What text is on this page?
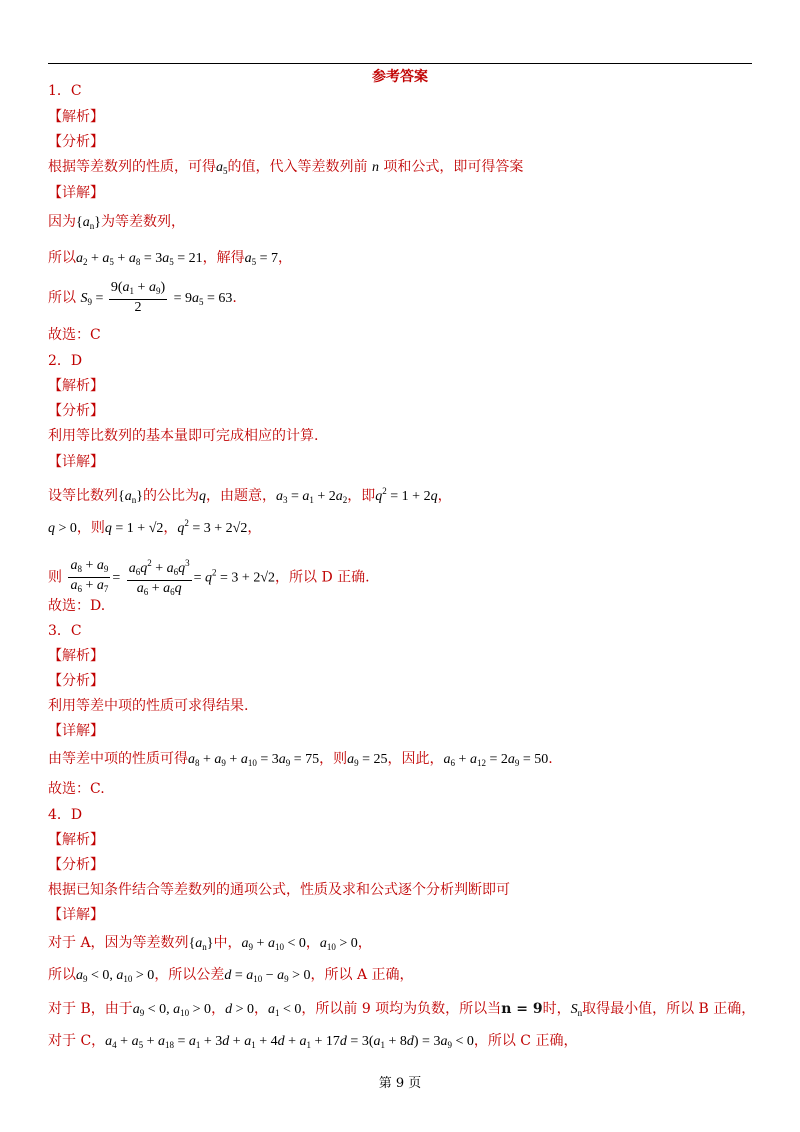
参考答案
1．C
【解析】
【分析】
根据等差数列的性质，可得$a_5$的值，代入等差数列前 n 项和公式，即可得答案
【详解】
因为$\{a_n\}$为等差数列，
所以$a_2 + a_5 + a_8 = 3a_5 = 21$，解得$a_5 = 7$，
所以 $S_9 = \frac{9(a_1 + a_9)}{2} = 9a_5 = 63$.
故选：C
2．D
【解析】
【分析】
利用等比数列的基本量即可完成相应的计算.
【详解】
设等比数列$\{a_n\}$的公比为q，由题意，$a_3 = a_1 + 2a_2$，即$q^2 = 1 + 2q$，
q > 0，则q = 1 + √2，$q^2 = 3 + 2√2$，
则 $\frac{a_8 + a_9}{a_6 + a_7} = \frac{a_6q^2 + a_6q^3}{a_6 + a_6q} = q^2 = 3 + 2√2$，所以 D 正确.
故选：D.
3．C
【解析】
【分析】
利用等差中项的性质可求得结果.
【详解】
由等差中项的性质可得$a_8 + a_9 + a_{10} = 3a_9 = 75$，则$a_9 = 25$，因此，$a_6 + a_{12} = 2a_9 = 50$.
故选：C.
4．D
【解析】
【分析】
根据已知条件结合等差数列的通项公式，性质及求和公式逐个分析判断即可
【详解】
对于 A，因为等差数列$\{a_n\}$中，$a_9 + a_{10} < 0$，$a_{10} > 0$，
所以$a_9 < 0$, $a_{10} > 0$，所以公差$d = a_{10} - a_9 > 0$，所以 A 正确，
对于 B，由于$a_9 < 0$, $a_{10} > 0$，d > 0，$a_1 < 0$，所以前 9 项均为负数，所以当n = 9时，$S_n$取得最小值，所以 B 正确，
对于 C，$a_4 + a_5 + a_{18} = a_1 + 3d + a_1 + 4d + a_1 + 17d = 3(a_1 + 8d) = 3a_9 < 0$，所以 C 正确，
第 9 页
